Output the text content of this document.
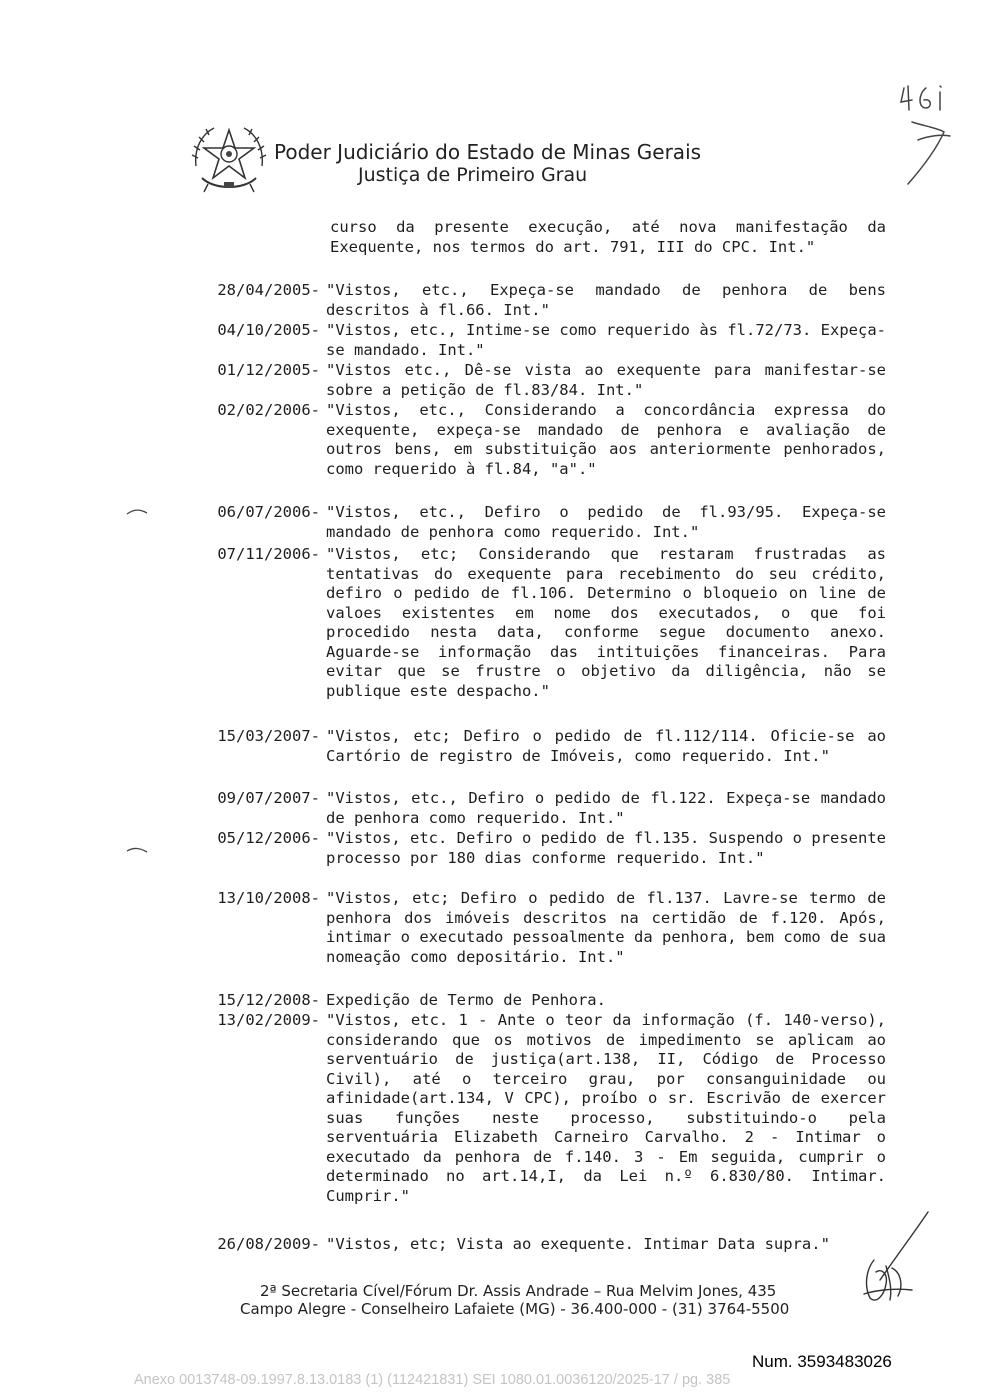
Poder Judiciário do Estado de Minas Gerais
Justiça de Primeiro Grau
curso da presente execução, até nova manifestação da Exequente, nos termos do art. 791, III do CPC. Int."
28/04/2005- "Vistos, etc., Expeça-se mandado de penhora de bens descritos à fl.66. Int."
04/10/2005- "Vistos, etc., Intime-se como requerido às fl.72/73. Expeça-se mandado. Int."
01/12/2005- "Vistos etc., Dê-se vista ao exequente para manifestar-se sobre a petição de fl.83/84. Int."
02/02/2006- "Vistos, etc., Considerando a concordância expressa do exequente, expeça-se mandado de penhora e avaliação de outros bens, em substituição aos anteriormente penhorados, como requerido à fl.84, "a"."
06/07/2006- "Vistos, etc., Defiro o pedido de fl.93/95. Expeça-se mandado de penhora como requerido. Int."
07/11/2006- "Vistos, etc; Considerando que restaram frustradas as tentativas do exequente para recebimento do seu crédito, defiro o pedido de fl.106. Determino o bloqueio on line de valoes existentes em nome dos executados, o que foi procedido nesta data, conforme segue documento anexo. Aguarde-se informação das intituições financeiras. Para evitar que se frustre o objetivo da diligência, não se publique este despacho."
15/03/2007- "Vistos, etc; Defiro o pedido de fl.112/114. Oficie-se ao Cartório de registro de Imóveis, como requerido. Int."
09/07/2007- "Vistos, etc., Defiro o pedido de fl.122. Expeça-se mandado de penhora como requerido. Int."
05/12/2006- "Vistos, etc. Defiro o pedido de fl.135. Suspendo o presente processo por 180 dias conforme requerido. Int."
13/10/2008- "Vistos, etc; Defiro o pedido de fl.137. Lavre-se termo de penhora dos imóveis descritos na certidão de f.120. Após, intimar o executado pessoalmente da penhora, bem como de sua nomeação como depositário. Int."
15/12/2008- Expedição de Termo de Penhora.
13/02/2009- "Vistos, etc. 1 - Ante o teor da informação (f. 140-verso), considerando que os motivos de impedimento se aplicam ao serventuário de justiça(art.138, II, Código de Processo Civil), até o terceiro grau, por consanguinidade ou afinidade(art.134, V CPC), proíbo o sr. Escrivão de exercer suas funções neste processo, substituindo-o pela serventuária Elizabeth Carneiro Carvalho. 2 - Intimar o executado da penhora de f.140. 3 - Em seguida, cumprir o determinado no art.14,I, da Lei n.º 6.830/80. Intimar. Cumprir."
26/08/2009- "Vistos, etc; Vista ao exequente. Intimar Data supra."
2ª Secretaria Cível/Fórum Dr. Assis Andrade – Rua Melvim Jones, 435
Campo Alegre - Conselheiro Lafaiete (MG) - 36.400-000 - (31) 3764-5500
Num. 3593483026
Anexo 0013748-09.1997.8.13.0183 (1) (112421831) SEI 1080.01.0036120/2025-17 / pg. 385
